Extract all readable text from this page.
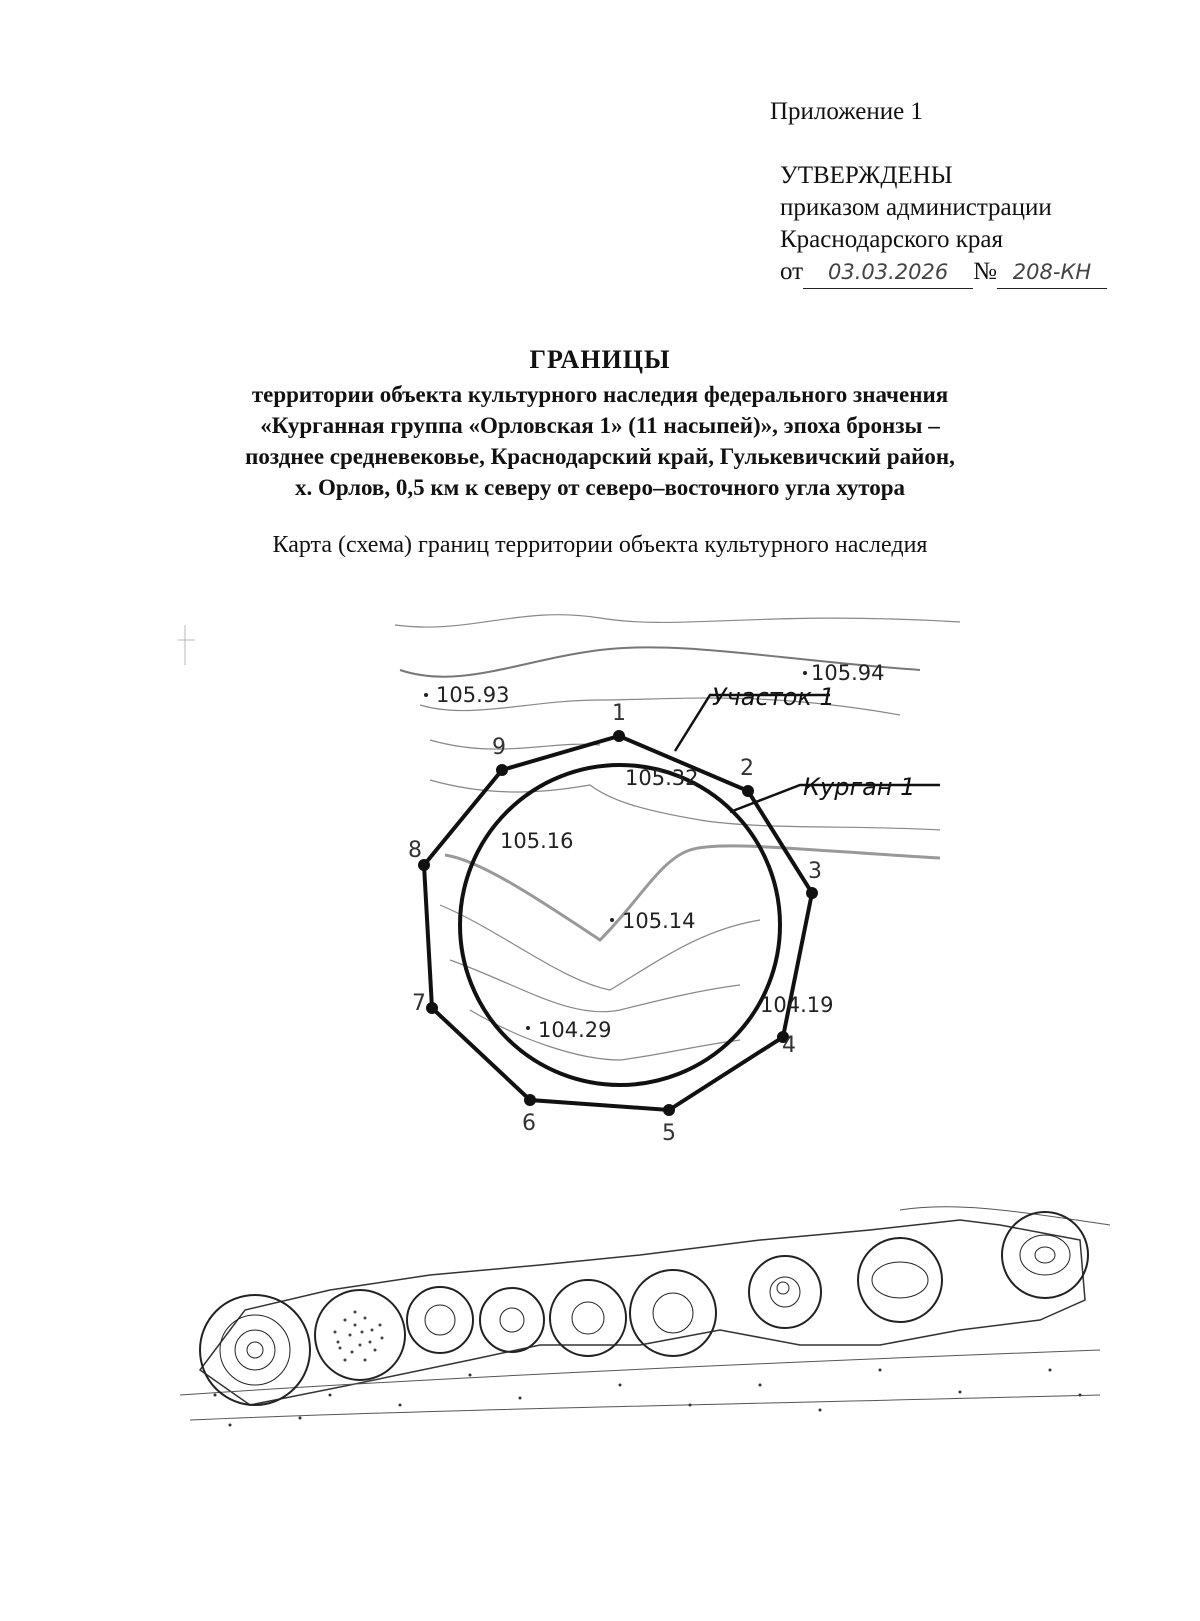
Приложение 1
УТВЕРЖДЕНЫ
приказом администрации
Краснодарского края
от 03.03.2026 № 208-КН
ГРАНИЦЫ
территории объекта культурного наследия федерального значения
«Курганная группа «Орловская 1» (11 насыпей)», эпоха бронзы –
позднее средневековье, Краснодарский край, Гулькевичский район,
х. Орлов, 0,5 км к северу от северо–восточного угла хутора
Карта (схема) границ территории объекта культурного наследия
1
2
3
4
5
6
7
8
9
105.93
105.94
105.32
105.16
105.14
104.19
104.29
Участок 1
Курган 1
